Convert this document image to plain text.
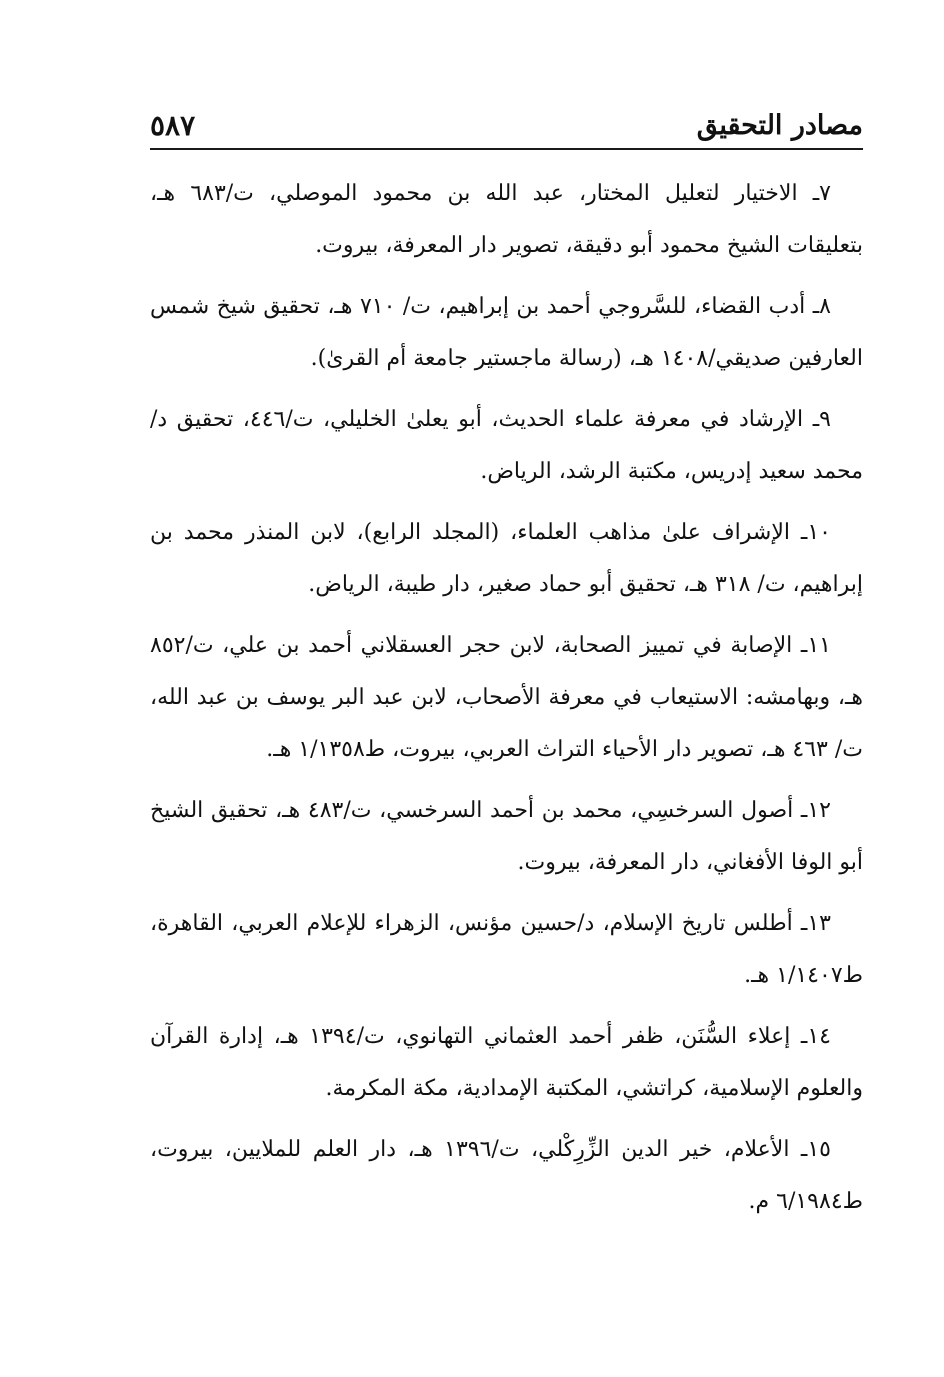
مصادر التحقيق
٥٨٧

٧ـ الاختيار لتعليل المختار، عبد الله بن محمود الموصلي، ت/٦٨٣ هـ، بتعليقات الشيخ محمود أبو دقيقة، تصوير دار المعرفة، بيروت.

٨ـ أدب القضاء، للسَّروجي أحمد بن إبراهيم، ت/ ٧١٠ هـ، تحقيق شيخ شمس العارفين صديقي/١٤٠٨ هـ، (رسالة ماجستير جامعة أم القرىٰ).

٩ـ الإرشاد في معرفة علماء الحديث، أبو يعلىٰ الخليلي، ت/٤٤٦، تحقيق د/ محمد سعيد إدريس، مكتبة الرشد، الرياض.

١٠ـ الإشراف علىٰ مذاهب العلماء، (المجلد الرابع)، لابن المنذر محمد بن إبراهيم، ت/ ٣١٨ هـ، تحقيق أبو حماد صغير، دار طيبة، الرياض.

١١ـ الإصابة في تمييز الصحابة، لابن حجر العسقلاني أحمد بن علي، ت/٨٥٢ هـ، وبهامشه: الاستيعاب في معرفة الأصحاب، لابن عبد البر يوسف بن عبد الله، ت/ ٤٦٣ هـ، تصوير دار الأحياء التراث العربي، بيروت، ط١/١٣٥٨ هـ.

١٢ـ أصول السرخسِي، محمد بن أحمد السرخسي، ت/٤٨٣ هـ، تحقيق الشيخ أبو الوفا الأفغاني، دار المعرفة، بيروت.

١٣ـ أطلس تاريخ الإسلام، د/حسين مؤنس، الزهراء للإعلام العربي، القاهرة، ط١/١٤٠٧ هـ.

١٤ـ إعلاء السُّنَن، ظفر أحمد العثماني التهانوي، ت/١٣٩٤ هـ، إدارة القرآن والعلوم الإسلامية، كراتشي، المكتبة الإمدادية، مكة المكرمة.

١٥ـ الأعلام، خير الدين الزِّرِكْلي، ت/١٣٩٦ هـ، دار العلم للملايين، بيروت، ط٦/١٩٨٤ م.
